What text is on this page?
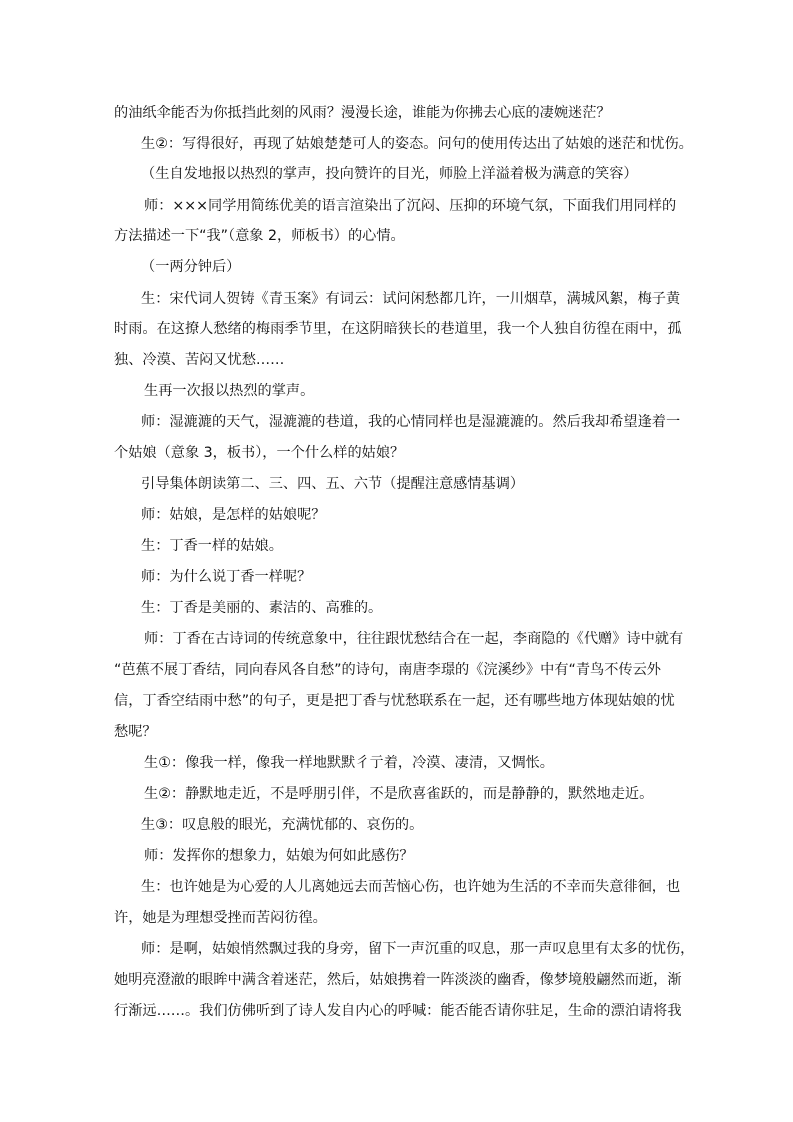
的油纸伞能否为你抵挡此刻的风雨？漫漫长途，谁能为你拂去心底的凄婉迷茫？
生②：写得很好，再现了姑娘楚楚可人的姿态。问句的使用传达出了姑娘的迷茫和忧伤。
（生自发地报以热烈的掌声，投向赞许的目光，师脸上洋溢着极为满意的笑容）
师：×××同学用简练优美的语言渲染出了沉闷、压抑的环境气氛，下面我们用同样的
方法描述一下“我”（意象 2，师板书）的心情。
（一两分钟后）
生：宋代词人贺铸《青玉案》有词云：试问闲愁都几许，一川烟草，满城风絮，梅子黄
时雨。在这撩人愁绪的梅雨季节里，在这阴暗狭长的巷道里，我一个人独自彷徨在雨中，孤
独、冷漠、苦闷又忧愁……
生再一次报以热烈的掌声。
师：湿漉漉的天气，湿漉漉的巷道，我的心情同样也是湿漉漉的。然后我却希望逢着一
个姑娘（意象 3，板书），一个什么样的姑娘？
引导集体朗读第二、三、四、五、六节（提醒注意感情基调）
师：姑娘，是怎样的姑娘呢？
生：丁香一样的姑娘。
师：为什么说丁香一样呢？
生：丁香是美丽的、素洁的、高雅的。
师：丁香在古诗词的传统意象中，往往跟忧愁结合在一起，李商隐的《代赠》诗中就有
“芭蕉不展丁香结，同向春风各自愁”的诗句，南唐李璟的《浣溪纱》中有“青鸟不传云外
信，丁香空结雨中愁”的句子，更是把丁香与忧愁联系在一起，还有哪些地方体现姑娘的忧
愁呢？
生①：像我一样，像我一样地默默彳亍着，冷漠、凄清，又惆怅。
生②：静默地走近，不是呼朋引伴，不是欣喜雀跃的，而是静静的，默然地走近。
生③：叹息般的眼光，充满忧郁的、哀伤的。
师：发挥你的想象力，姑娘为何如此感伤？
生：也许她是为心爱的人儿离她远去而苦恼心伤，也许她为生活的不幸而失意徘徊，也
许，她是为理想受挫而苦闷彷徨。
师：是啊，姑娘悄然飘过我的身旁，留下一声沉重的叹息，那一声叹息里有太多的忧伤，
她明亮澄澈的眼眸中满含着迷茫，然后，姑娘携着一阵淡淡的幽香，像梦境般翩然而逝，渐
行渐远……。我们仿佛听到了诗人发自内心的呼喊：能否能否请你驻足，生命的漂泊请将我
